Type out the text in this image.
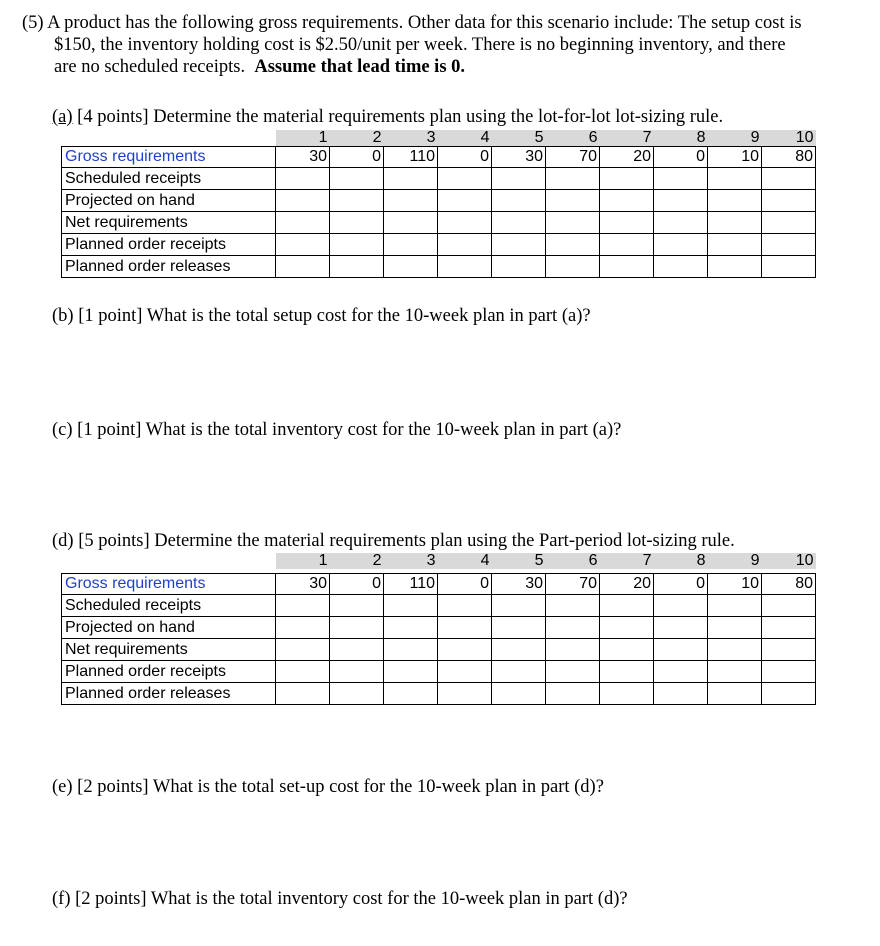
(5) A product has the following gross requirements. Other data for this scenario include: The setup cost is
$150, the inventory holding cost is $2.50/unit per week. There is no beginning inventory, and there
are no scheduled receipts.  Assume that lead time is 0.
(a) [4 points] Determine the material requirements plan using the lot-for-lot lot-sizing rule.
	1	2	3	4	5	6	7	8	9	10
Gross requirements	30	0	110	0	30	70	20	0	10	80
Scheduled receipts										
Projected on hand										
Net requirements										
Planned order receipts										
Planned order releases										
(b) [1 point] What is the total setup cost for the 10-week plan in part (a)?
(c) [1 point] What is the total inventory cost for the 10-week plan in part (a)?
(d) [5 points] Determine the material requirements plan using the Part-period lot-sizing rule.
	1	2	3	4	5	6	7	8	9	10

Gross requirements	30	0	110	0	30	70	20	0	10	80
Scheduled receipts										
Projected on hand										
Net requirements										
Planned order receipts										
Planned order releases										
(e) [2 points] What is the total set-up cost for the 10-week plan in part (d)?
(f) [2 points] What is the total inventory cost for the 10-week plan in part (d)?
